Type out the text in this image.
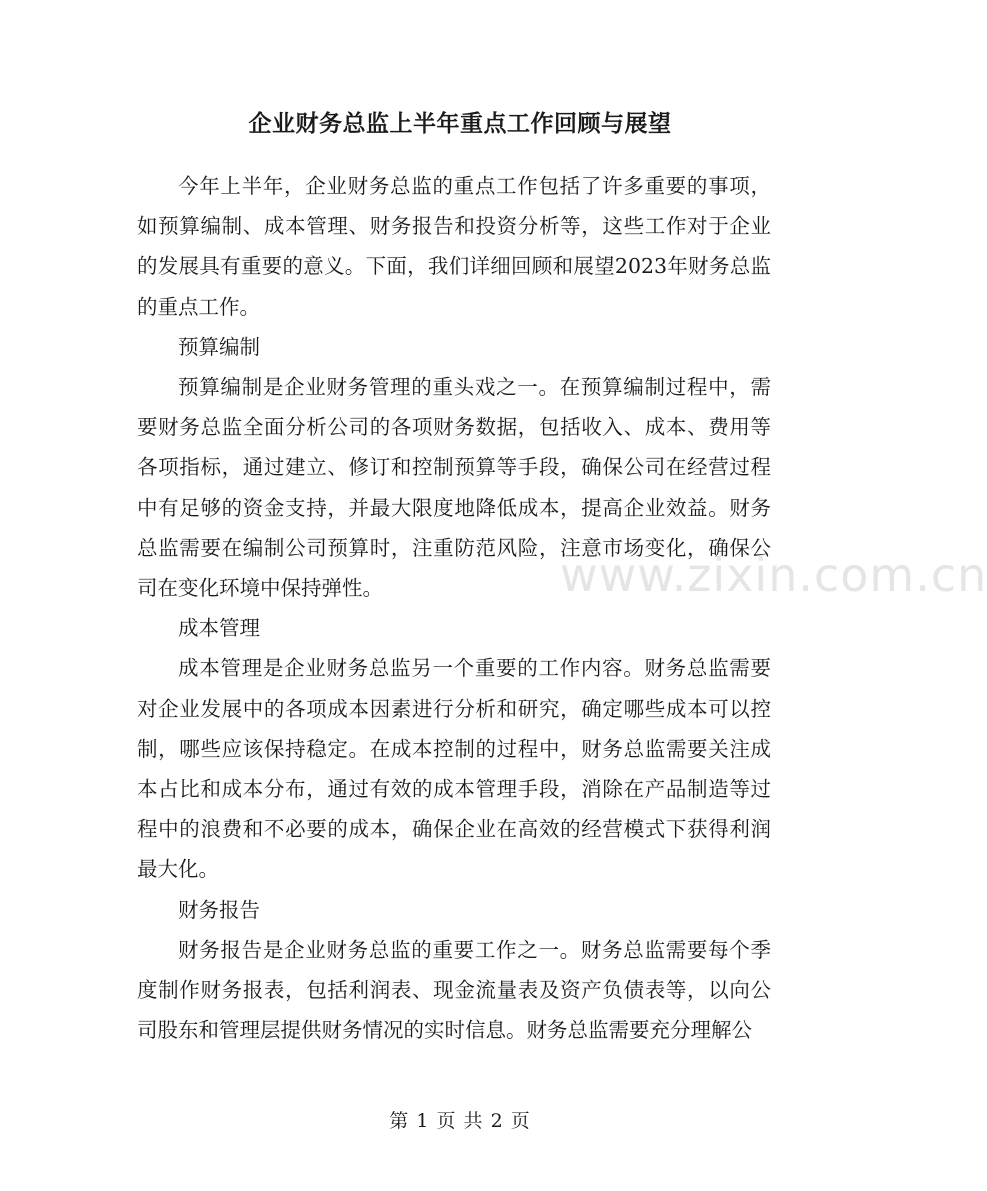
企业财务总监上半年重点工作回顾与展望

今年上半年，企业财务总监的重点工作包括了许多重要的事项，如预算编制、成本管理、财务报告和投资分析等，这些工作对于企业的发展具有重要的意义。下面，我们详细回顾和展望2023年财务总监的重点工作。

预算编制

预算编制是企业财务管理的重头戏之一。在预算编制过程中，需要财务总监全面分析公司的各项财务数据，包括收入、成本、费用等各项指标，通过建立、修订和控制预算等手段，确保公司在经营过程中有足够的资金支持，并最大限度地降低成本，提高企业效益。财务总监需要在编制公司预算时，注重防范风险，注意市场变化，确保公司在变化环境中保持弹性。

成本管理

成本管理是企业财务总监另一个重要的工作内容。财务总监需要对企业发展中的各项成本因素进行分析和研究，确定哪些成本可以控制，哪些应该保持稳定。在成本控制的过程中，财务总监需要关注成本占比和成本分布，通过有效的成本管理手段，消除在产品制造等过程中的浪费和不必要的成本，确保企业在高效的经营模式下获得利润最大化。

财务报告

财务报告是企业财务总监的重要工作之一。财务总监需要每个季度制作财务报表，包括利润表、现金流量表及资产负债表等，以向公司股东和管理层提供财务情况的实时信息。财务总监需要充分理解公

www.zixin.com.cn
第 1 页 共 2 页
